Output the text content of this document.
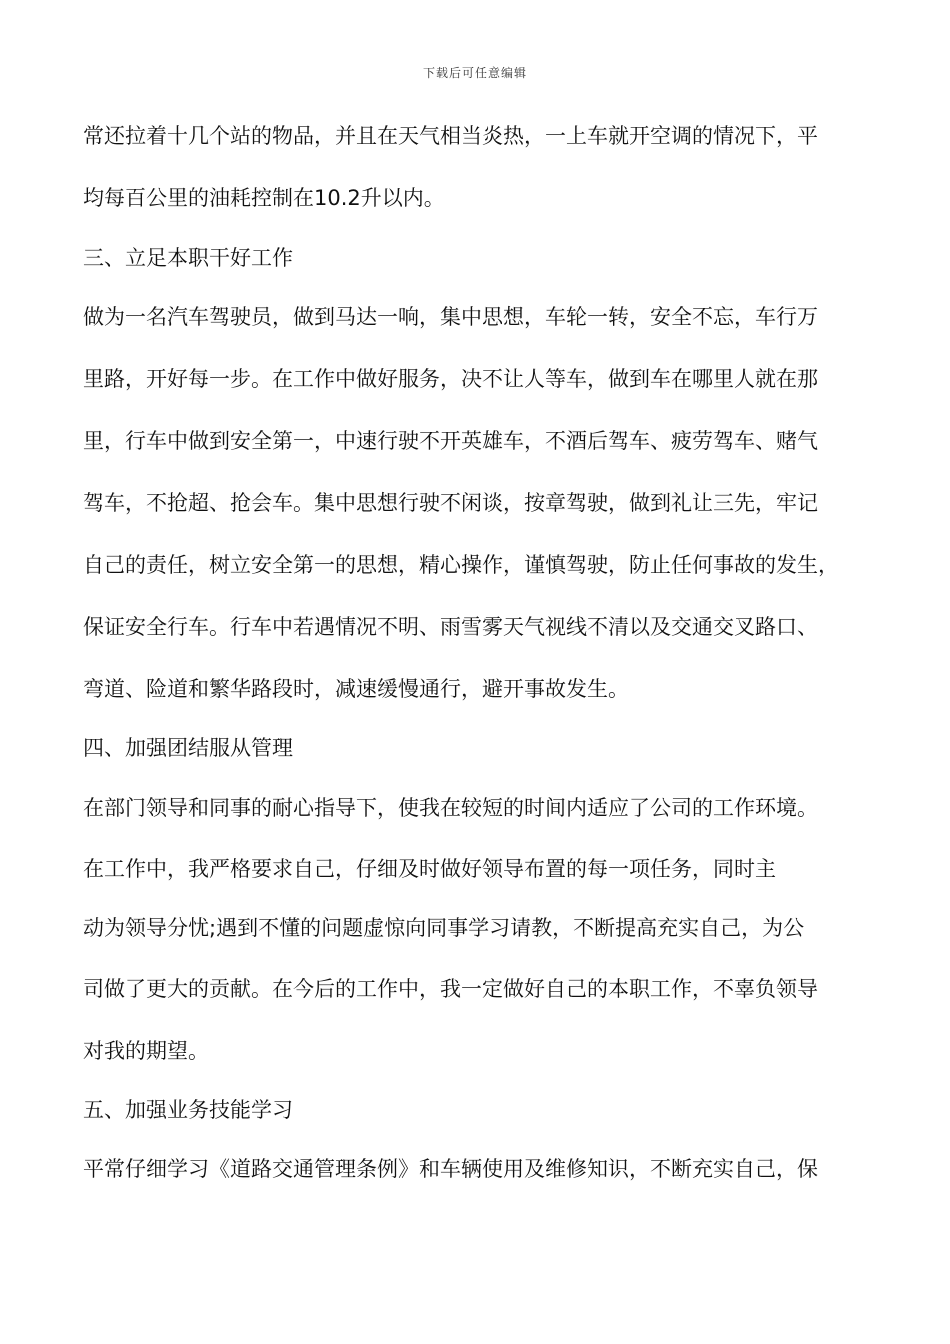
下载后可任意编辑
常还拉着十几个站的物品，并且在天气相当炎热，一上车就开空调的情况下，平
均每百公里的油耗控制在10.2升以内。
三、立足本职干好工作
做为一名汽车驾驶员，做到马达一响，集中思想，车轮一转，安全不忘，车行万
里路，开好每一步。在工作中做好服务，决不让人等车，做到车在哪里人就在那
里，行车中做到安全第一，中速行驶不开英雄车，不酒后驾车、疲劳驾车、赌气
驾车，不抢超、抢会车。集中思想行驶不闲谈，按章驾驶，做到礼让三先，牢记
自己的责任，树立安全第一的思想，精心操作，谨慎驾驶，防止任何事故的发生，
保证安全行车。行车中若遇情况不明、雨雪雾天气视线不清以及交通交叉路口、
弯道、险道和繁华路段时，减速缓慢通行，避开事故发生。
四、加强团结服从管理
在部门领导和同事的耐心指导下，使我在较短的时间内适应了公司的工作环境。
在工作中，我严格要求自己，仔细及时做好领导布置的每一项任务，同时主
动为领导分忧;遇到不懂的问题虚惊向同事学习请教，不断提高充实自己，为公
司做了更大的贡献。在今后的工作中，我一定做好自己的本职工作，不辜负领导
对我的期望。
五、加强业务技能学习
平常仔细学习《道路交通管理条例》和车辆使用及维修知识，不断充实自己，保
